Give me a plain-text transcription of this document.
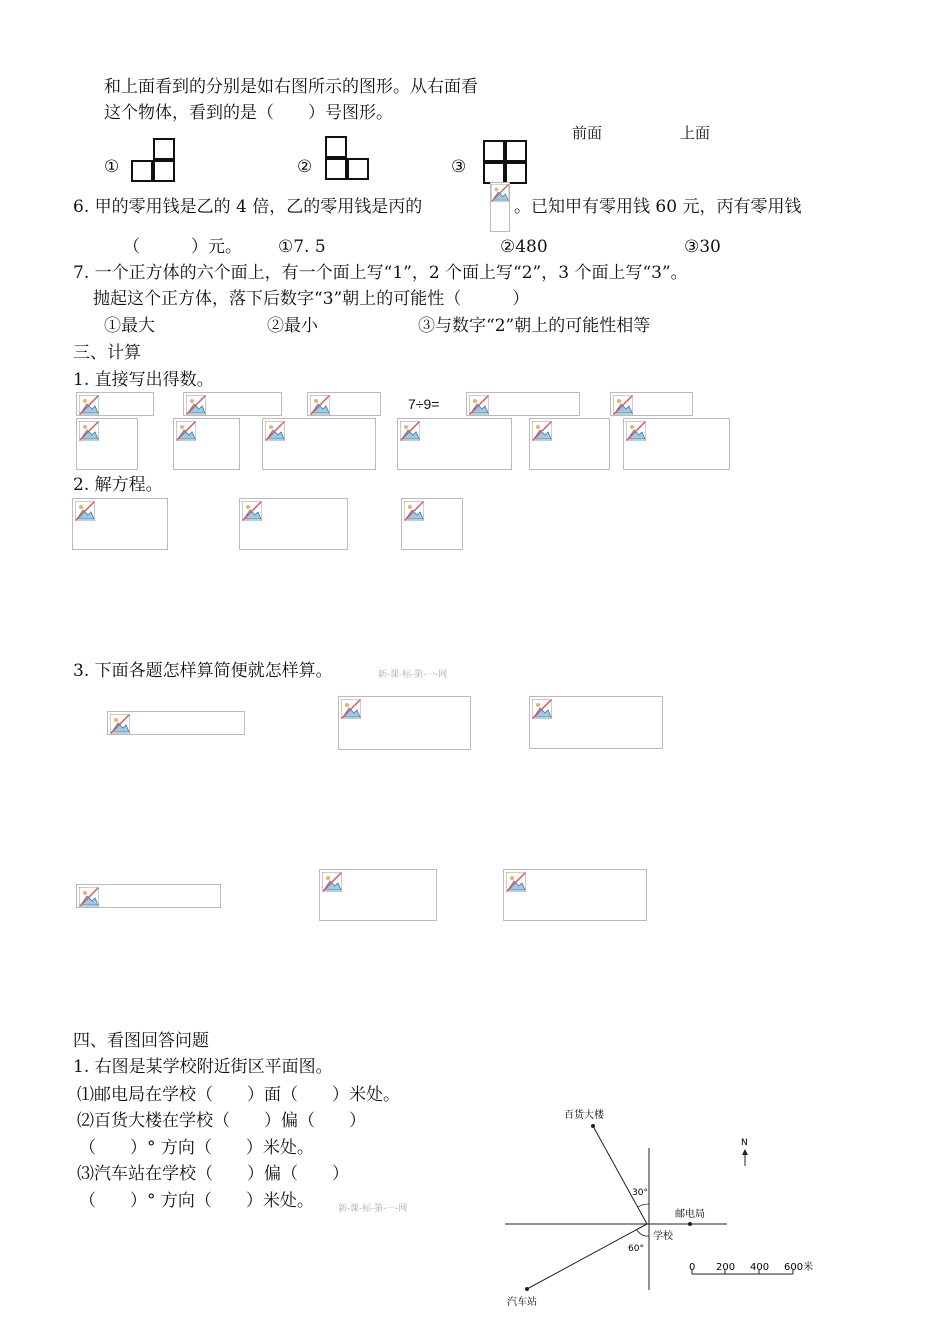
和上面看到的分别是如右图所示的图形。从右面看
这个物体，看到的是（　　）号图形。
前面	上面
①	②	③
6. 甲的零用钱是乙的 4 倍，乙的零用钱是丙的	。已知甲有零用钱 60 元，丙有零用钱
（　　　）元。 ①7. 5	②480	③30
7. 一个正方体的六个面上，有一个面上写“1”，2 个面上写“2”，3 个面上写“3”。
抛起这个正方体，落下后数字“3”朝上的可能性（　　　）
①最大	②最小	③与数字“2”朝上的可能性相等
三、计算
1. 直接写出得数。
7÷9=
2. 解方程。
3. 下面各题怎样算简便就怎样算。	新-课-标-第-一-网
四、看图回答问题
1. 右图是某学校附近街区平面图。
⑴邮电局在学校（　　）面（　　）米处。
⑵百货大楼在学校（　　）偏（　　）
（　　）° 方向（　　）米处。
⑶汽车站在学校（　　）偏（　　）
（　　）° 方向（　　）米处。	新-课-标-第-一-网
百货大楼
邮电局
学校
汽车站
30°
60°
N
0 200 400 600米
